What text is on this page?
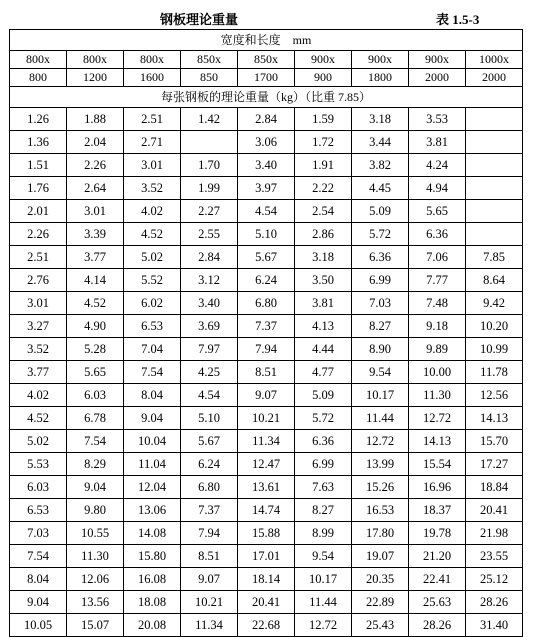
钢板理论重量	表 1.5-3
宽度和长度　mm								
800x	800x	800x	850x	850x	900x	900x	900x	1000x
800	1200	1600	850	1700	900	1800	2000	2000
每张钢板的理论重量（kg）（比重 7.85）								
1.26	1.88	2.51	1.42	2.84	1.59	3.18	3.53	
1.36	2.04	2.71		3.06	1.72	3.44	3.81	
1.51	2.26	3.01	1.70	3.40	1.91	3.82	4.24	
1.76	2.64	3.52	1.99	3.97	2.22	4.45	4.94	
2.01	3.01	4.02	2.27	4.54	2.54	5.09	5.65	
2.26	3.39	4.52	2.55	5.10	2.86	5.72	6.36	
2.51	3.77	5.02	2.84	5.67	3.18	6.36	7.06	7.85
2.76	4.14	5.52	3.12	6.24	3.50	6.99	7.77	8.64
3.01	4.52	6.02	3.40	6.80	3.81	7.03	7.48	9.42
3.27	4.90	6.53	3.69	7.37	4.13	8.27	9.18	10.20
3.52	5.28	7.04	7.97	7.94	4.44	8.90	9.89	10.99
3.77	5.65	7.54	4.25	8.51	4.77	9.54	10.00	11.78
4.02	6.03	8.04	4.54	9.07	5.09	10.17	11.30	12.56
4.52	6.78	9.04	5.10	10.21	5.72	11.44	12.72	14.13
5.02	7.54	10.04	5.67	11.34	6.36	12.72	14.13	15.70
5.53	8.29	11.04	6.24	12.47	6.99	13.99	15.54	17.27
6.03	9.04	12.04	6.80	13.61	7.63	15.26	16.96	18.84
6.53	9.80	13.06	7.37	14.74	8.27	16.53	18.37	20.41
7.03	10.55	14.08	7.94	15.88	8.99	17.80	19.78	21.98
7.54	11.30	15.80	8.51	17.01	9.54	19.07	21.20	23.55
8.04	12.06	16.08	9.07	18.14	10.17	20.35	22.41	25.12
9.04	13.56	18.08	10.21	20.41	11.44	22.89	25.63	28.26
10.05	15.07	20.08	11.34	22.68	12.72	25.43	28.26	31.40
